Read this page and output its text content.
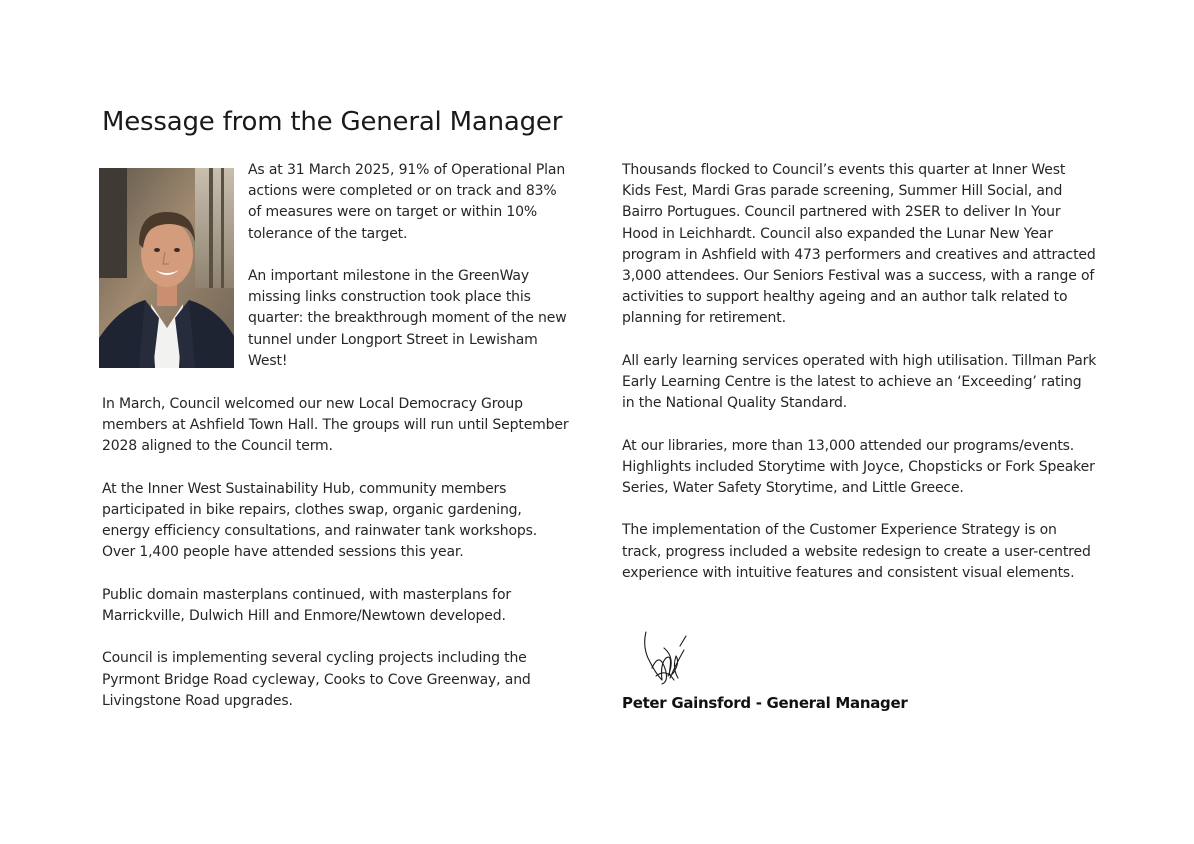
Message from the General Manager

As at 31 March 2025, 91% of Operational Plan actions were completed or on track and 83% of measures were on target or within 10% tolerance of the target.

An important milestone in the GreenWay missing links construction took place this quarter: the breakthrough moment of the new tunnel under Longport Street in Lewisham West!

In March, Council welcomed our new Local Democracy Group members at Ashfield Town Hall. The groups will run until September 2028 aligned to the Council term.

At the Inner West Sustainability Hub, community members participated in bike repairs, clothes swap, organic gardening, energy efficiency consultations, and rainwater tank workshops. Over 1,400 people have attended sessions this year.

Public domain masterplans continued, with masterplans for Marrickville, Dulwich Hill and Enmore/Newtown developed.

Council is implementing several cycling projects including the Pyrmont Bridge Road cycleway, Cooks to Cove Greenway, and Livingstone Road upgrades.

Thousands flocked to Council’s events this quarter at Inner West Kids Fest, Mardi Gras parade screening, Summer Hill Social, and Bairro Portugues. Council partnered with 2SER to deliver In Your Hood in Leichhardt. Council also expanded the Lunar New Year program in Ashfield with 473 performers and creatives and attracted 3,000 attendees. Our Seniors Festival was a success, with a range of activities to support healthy ageing and an author talk related to planning for retirement.

All early learning services operated with high utilisation. Tillman Park Early Learning Centre is the latest to achieve an ‘Exceeding’ rating in the National Quality Standard.

At our libraries, more than 13,000 attended our programs/events. Highlights included Storytime with Joyce, Chopsticks or Fork Speaker Series, Water Safety Storytime, and Little Greece.

The implementation of the Customer Experience Strategy is on track, progress included a website redesign to create a user-centred experience with intuitive features and consistent visual elements.

Peter Gainsford - General Manager
